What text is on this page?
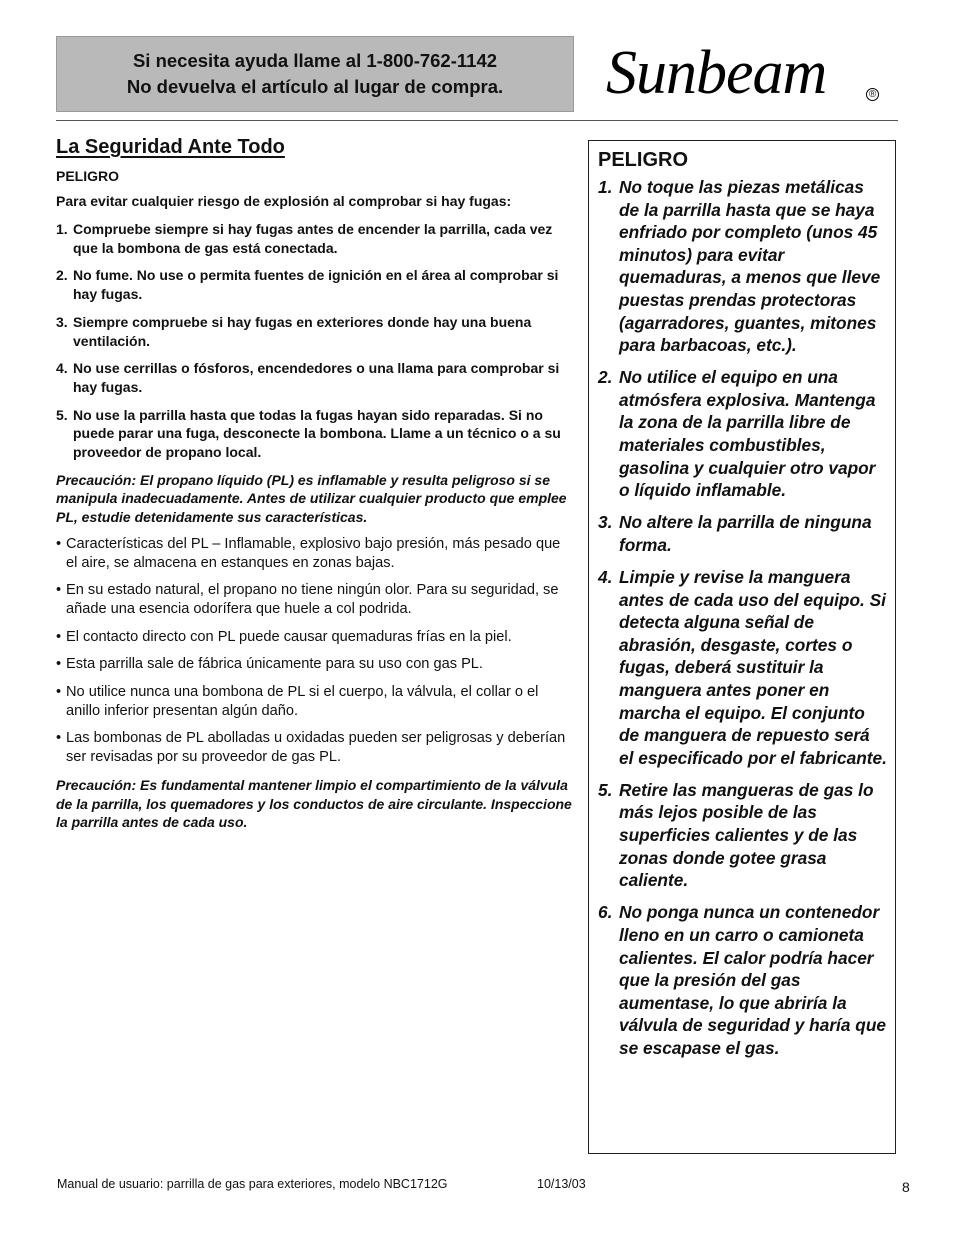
Si necesita ayuda llame al 1-800-762-1142
No devuelva el artículo al lugar de compra. Sunbeam	®
La Seguridad Ante Todo
PELIGRO
Para evitar cualquier riesgo de explosión al comprobar si hay fugas:
1. Compruebe siempre si hay fugas antes de encender la parrilla, cada vez que la bombona de gas está conectada.
2. No fume. No use o permita fuentes de ignición en el área al comprobar si hay fugas.
3. Siempre compruebe si hay fugas en exteriores donde hay una buena ventilación.
4. No use cerrillas o fósforos, encendedores o una llama para comprobar si hay fugas.
5. No use la parrilla hasta que todas la fugas hayan sido reparadas. Si no puede parar una fuga, desconecte la bombona. Llame a un técnico o a su proveedor de propano local.
Precaución: El propano líquido (PL) es inflamable y resulta peligroso si se manipula inadecuadamente. Antes de utilizar cualquier producto que emplee PL, estudie detenidamente sus características.
• Características del PL – Inflamable, explosivo bajo presión, más pesado que el aire, se almacena en estanques en zonas bajas.
• En su estado natural, el propano no tiene ningún olor. Para su seguridad, se añade una esencia odorífera que huele a col podrida.
• El contacto directo con PL puede causar quemaduras frías en la piel.
• Esta parrilla sale de fábrica únicamente para su uso con gas PL.
• No utilice nunca una bombona de PL si el cuerpo, la válvula, el collar o el anillo inferior presentan algún daño.
• Las bombonas de PL abolladas u oxidadas pueden ser peligrosas y deberían ser revisadas por su proveedor de gas PL.
Precaución: Es fundamental mantener limpio el compartimiento de la válvula de la parrilla, los quemadores y los conductos de aire circulante. Inspeccione la parrilla antes de cada uso.
PELIGRO
1. No toque las piezas metálicas de la parrilla hasta que se haya enfriado por completo (unos 45 minutos) para evitar quemaduras, a menos que lleve puestas prendas protectoras (agarradores, guantes, mitones para barbacoas, etc.).
2. No utilice el equipo en una atmósfera explosiva. Mantenga la zona de la parrilla libre de materiales combustibles, gasolina y cualquier otro vapor o líquido inflamable.
3. No altere la parrilla de ninguna forma.
4. Limpie y revise la manguera antes de cada uso del equipo. Si detecta alguna señal de abrasión, desgaste, cortes o fugas, deberá sustituir la manguera antes poner en marcha el equipo. El conjunto de manguera de repuesto será el especificado por el fabricante.
5. Retire las mangueras de gas lo más lejos posible de las superficies calientes y de las zonas donde gotee grasa caliente.
6. No ponga nunca un contenedor lleno en un carro o camioneta calientes. El calor podría hacer que la presión del gas aumentase, lo que abriría la válvula de seguridad y haría que se escapase el gas.
Manual de usuario: parrilla de gas para exteriores, modelo NBC1712G	10/13/03	8
